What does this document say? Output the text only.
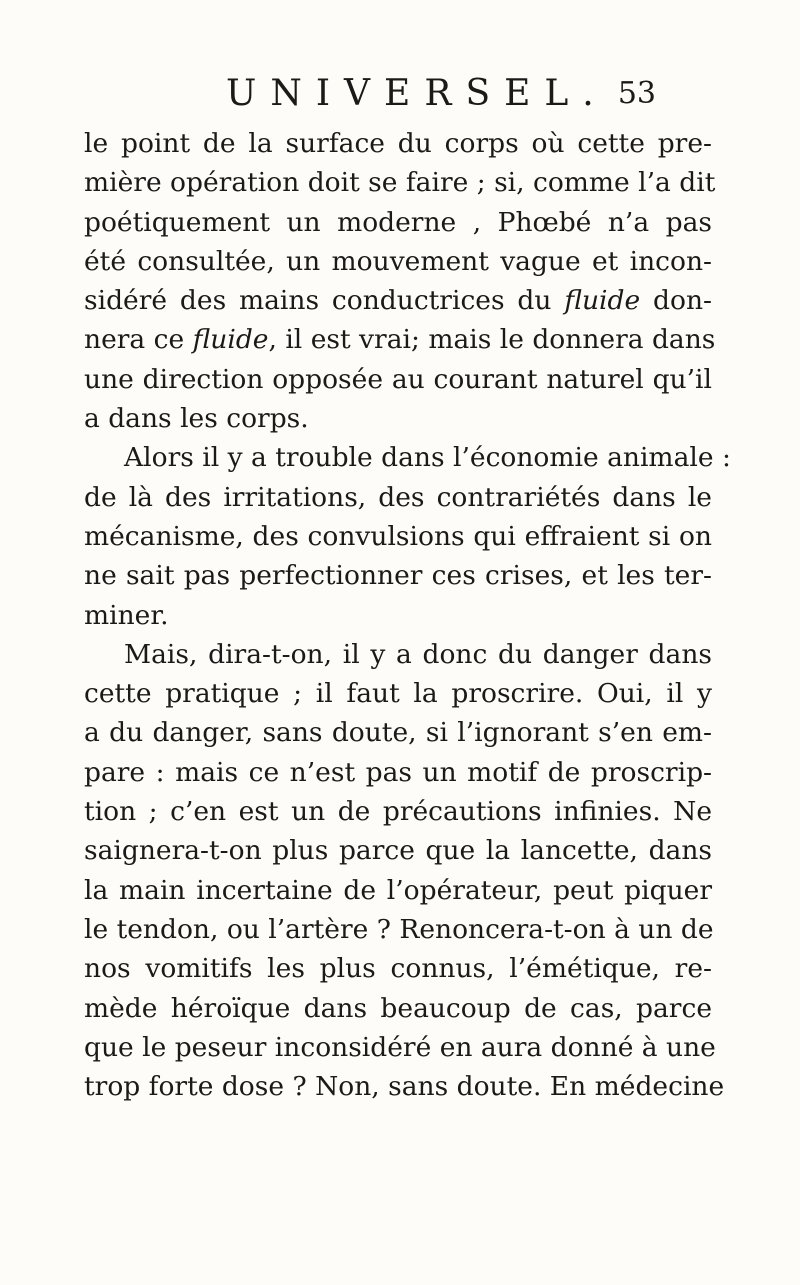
UNIVERSEL. 53
le point de la surface du corps où cette pre-
mière opération doit se faire ; si, comme l’a dit
poétiquement un moderne , Phœbé n’a pas
été consultée, un mouvement vague et incon-
sidéré des mains conductrices du fluide don-
nera ce fluide, il est vrai; mais le donnera dans
une direction opposée au courant naturel qu’il
a dans les corps.
Alors il y a trouble dans l’économie animale :
de là des irritations, des contrariétés dans le
mécanisme, des convulsions qui effraient si on
ne sait pas perfectionner ces crises, et les ter-
miner.
Mais, dira-t-on, il y a donc du danger dans
cette pratique ; il faut la proscrire. Oui, il y
a du danger, sans doute, si l’ignorant s’en em-
pare : mais ce n’est pas un motif de proscrip-
tion ; c’en est un de précautions infinies. Ne
saignera-t-on plus parce que la lancette, dans
la main incertaine de l’opérateur, peut piquer
le tendon, ou l’artère ? Renoncera-t-on à un de
nos vomitifs les plus connus, l’émétique, re-
mède héroïque dans beaucoup de cas, parce
que le peseur inconsidéré en aura donné à une
trop forte dose ? Non, sans doute. En médecine
